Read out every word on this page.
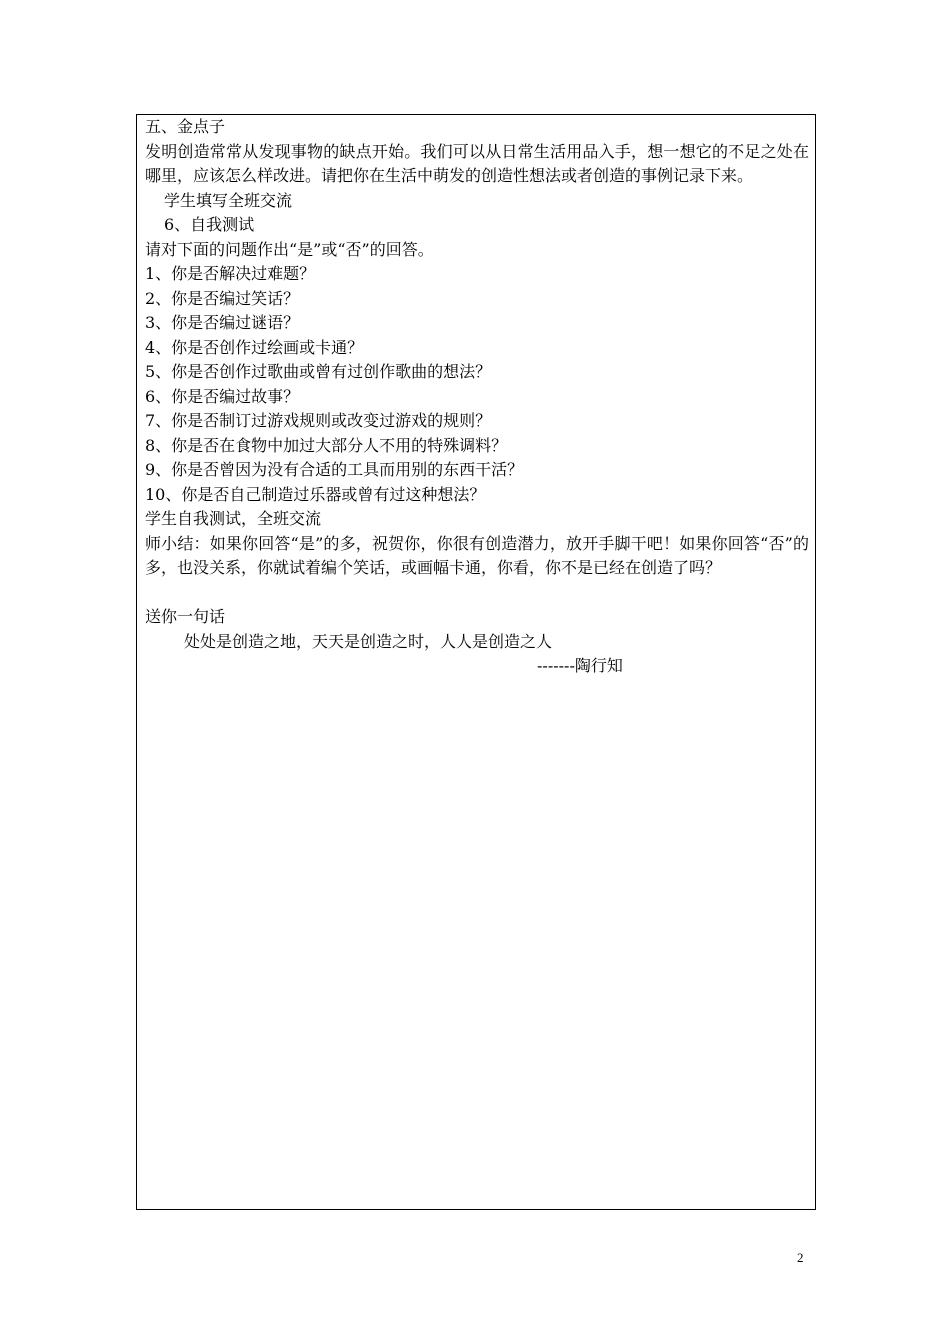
五、金点子
发明创造常常从发现事物的缺点开始。我们可以从日常生活用品入手，想一想它的不足之处在哪里，应该怎么样改进。请把你在生活中萌发的创造性想法或者创造的事例记录下来。
学生填写全班交流
6、自我测试
请对下面的问题作出“是”或“否”的回答。
1、你是否解决过难题？
2、你是否编过笑话？
3、你是否编过谜语？
4、你是否创作过绘画或卡通？
5、你是否创作过歌曲或曾有过创作歌曲的想法？
6、你是否编过故事？
7、你是否制订过游戏规则或改变过游戏的规则？
8、你是否在食物中加过大部分人不用的特殊调料？
9、你是否曾因为没有合适的工具而用别的东西干活？
10、你是否自己制造过乐器或曾有过这种想法？
学生自我测试，全班交流
师小结：如果你回答“是”的多，祝贺你，你很有创造潜力，放开手脚干吧！如果你回答“否”的多，也没关系，你就试着编个笑话，或画幅卡通，你看，你不是已经在创造了吗？
送你一句话
处处是创造之地，天天是创造之时，人人是创造之人
-------陶行知
2
